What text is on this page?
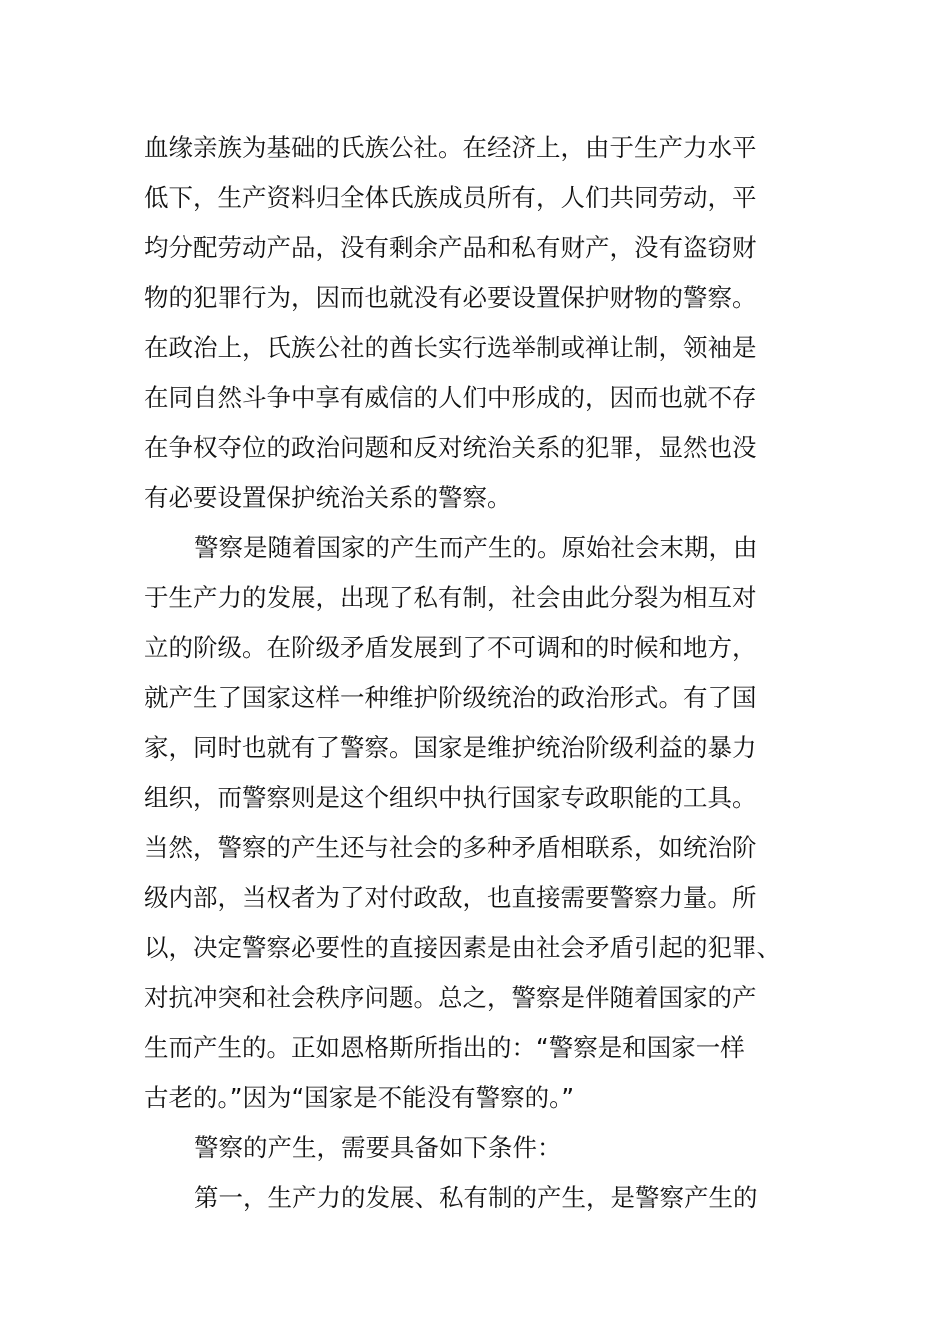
血缘亲族为基础的氏族公社。在经济上，由于生产力水平
低下，生产资料归全体氏族成员所有，人们共同劳动，平
均分配劳动产品，没有剩余产品和私有财产，没有盗窃财
物的犯罪行为，因而也就没有必要设置保护财物的警察。
在政治上，氏族公社的酋长实行选举制或禅让制，领袖是
在同自然斗争中享有威信的人们中形成的，因而也就不存
在争权夺位的政治问题和反对统治关系的犯罪，显然也没
有必要设置保护统治关系的警察。
警察是随着国家的产生而产生的。原始社会末期，由
于生产力的发展，出现了私有制，社会由此分裂为相互对
立的阶级。在阶级矛盾发展到了不可调和的时候和地方，
就产生了国家这样一种维护阶级统治的政治形式。有了国
家，同时也就有了警察。国家是维护统治阶级利益的暴力
组织，而警察则是这个组织中执行国家专政职能的工具。
当然，警察的产生还与社会的多种矛盾相联系，如统治阶
级内部，当权者为了对付政敌，也直接需要警察力量。所
以，决定警察必要性的直接因素是由社会矛盾引起的犯罪、
对抗冲突和社会秩序问题。总之，警察是伴随着国家的产
生而产生的。正如恩格斯所指出的：“警察是和国家一样
古老的。”因为“国家是不能没有警察的。”
警察的产生，需要具备如下条件：
第一，生产力的发展、私有制的产生，是警察产生的
